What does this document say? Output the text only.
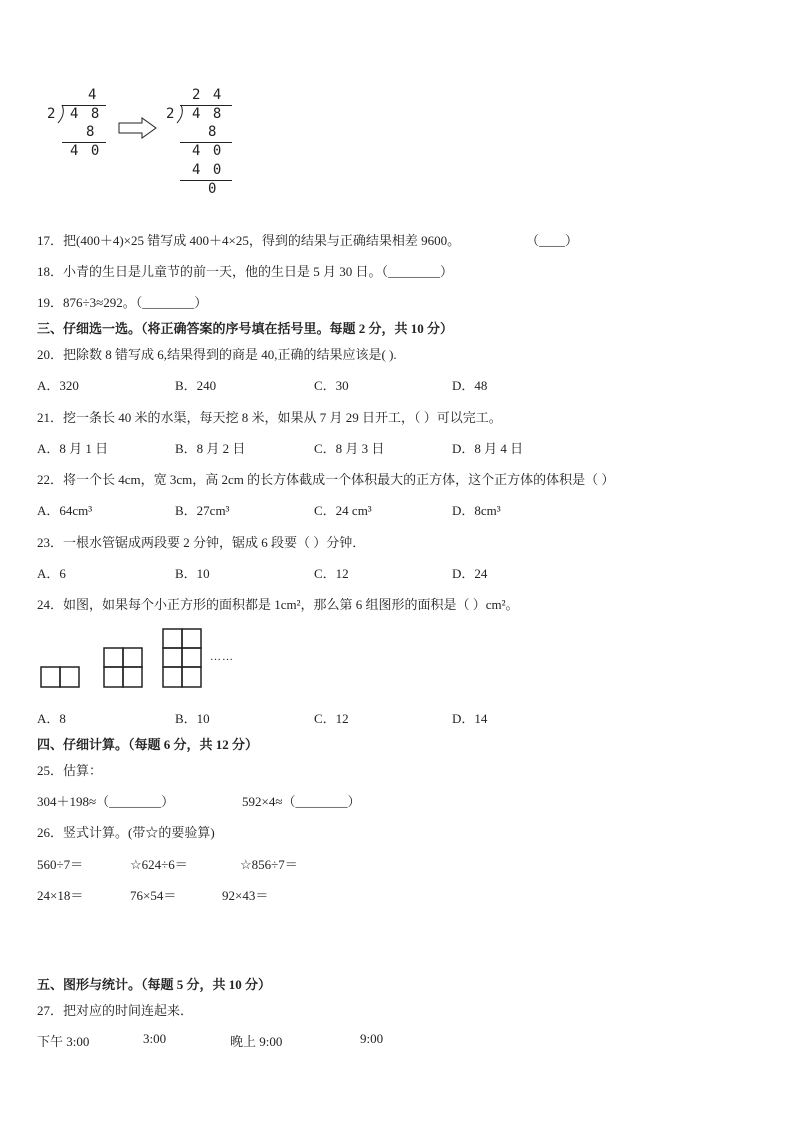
4
2 4 8
8
4 0
2 4
2 4 8
8
4 0
4 0
0
17．把(400＋4)×25 错写成 400＋4×25，得到的结果与正确结果相差 9600。	（____）
18．小青的生日是儿童节的前一天，他的生日是 5 月 30 日。（________）
19．876÷3≈292。（________）
三、仔细选一选。（将正确答案的序号填在括号里。每题 2 分，共 10 分）
20．把除数 8 错写成 6,结果得到的商是 40,正确的结果应该是( ).
A．320	B．240	C．30	D．48
21．挖一条长 40 米的水渠，每天挖 8 米，如果从 7 月 29 日开工，（ ）可以完工。
A．8 月 1 日	B．8 月 2 日	C．8 月 3 日	D．8 月 4 日
22．将一个长 4cm，宽 3cm，高 2cm 的长方体截成一个体积最大的正方体，这个正方体的体积是（ ）
A．64cm³	B．27cm³	C．24 cm³	D．8cm³
23．一根水管锯成两段要 2 分钟，锯成 6 段要（ ）分钟．
A．6	B．10	C．12	D．24
24．如图，如果每个小正方形的面积都是 1cm²，那么第 6 组图形的面积是（ ）cm²。
……
A．8	B．10	C．12	D．14
四、仔细计算。（每题 6 分，共 12 分）
25．估算：
304＋198≈（________）	592×4≈（________）
26．竖式计算。(带☆的要验算)
560÷7＝	☆624÷6＝	☆856÷7＝
24×18＝	76×54＝	92×43＝
五、图形与统计。（每题 5 分，共 10 分）
27．把对应的时间连起来．
下午 3:00	3:00	晚上 9:00	9:00
